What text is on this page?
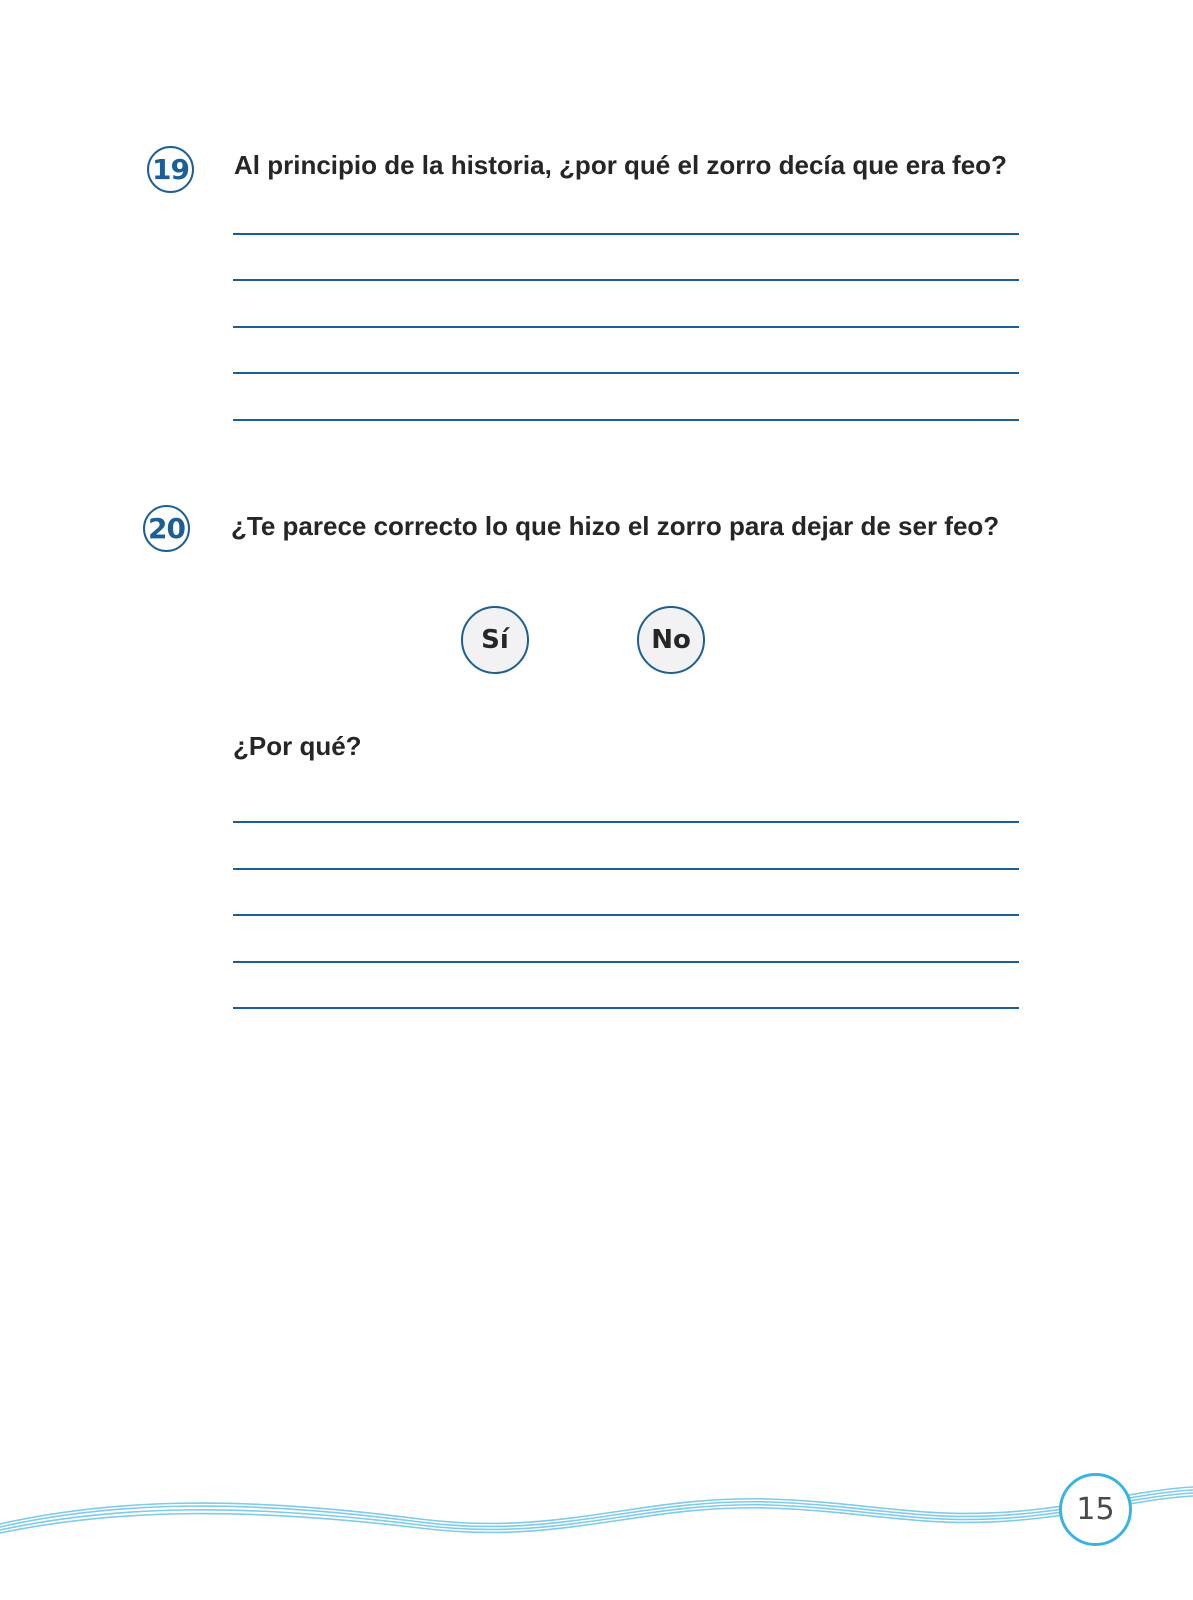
19 Al principio de la historia, ¿por qué el zorro decía que era feo?
20 ¿Te parece correcto lo que hizo el zorro para dejar de ser feo?
Sí	No
¿Por qué?
15
